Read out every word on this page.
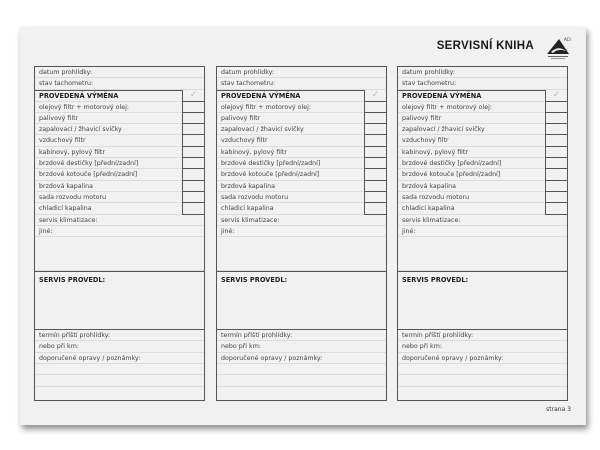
SERVISNÍ KNIHA
ACI
datum prohlídky:
stav tachometru:
PROVEDENÁ VÝMĚNA	✓
olejový filtr + motorový olej:
palivový filtr
zapalovací / žhavicí svíčky
vzduchový filtr
kabinový, pylový filtr
brzdové destičky [přední/zadní]
brzdové kotouče [přední/zadní]
brzdová kapalina
sada rozvodu motoru
chladicí kapalina
servis klimatizace:
jiné:
SERVIS PROVEDL:
termín příští prohlídky:
nebo při km:
doporučené opravy / poznámky:
datum prohlídky:
stav tachometru:
PROVEDENÁ VÝMĚNA	✓
olejový filtr + motorový olej:
palivový filtr
zapalovací / žhavicí svíčky
vzduchový filtr
kabinový, pylový filtr
brzdové destičky [přední/zadní]
brzdové kotouče [přední/zadní]
brzdová kapalina
sada rozvodu motoru
chladicí kapalina
servis klimatizace:
jiné:
SERVIS PROVEDL:
termín příští prohlídky:
nebo při km:
doporučené opravy / poznámky:
datum prohlídky:
stav tachometru:
PROVEDENÁ VÝMĚNA	✓
olejový filtr + motorový olej:
palivový filtr
zapalovací / žhavicí svíčky
vzduchový filtr
kabinový, pylový filtr
brzdové destičky [přední/zadní]
brzdové kotouče [přední/zadní]
brzdová kapalina
sada rozvodu motoru
chladicí kapalina
servis klimatizace:
jiné:
SERVIS PROVEDL:
termín příští prohlídky:
nebo při km:
doporučené opravy / poznámky:
strana 3
